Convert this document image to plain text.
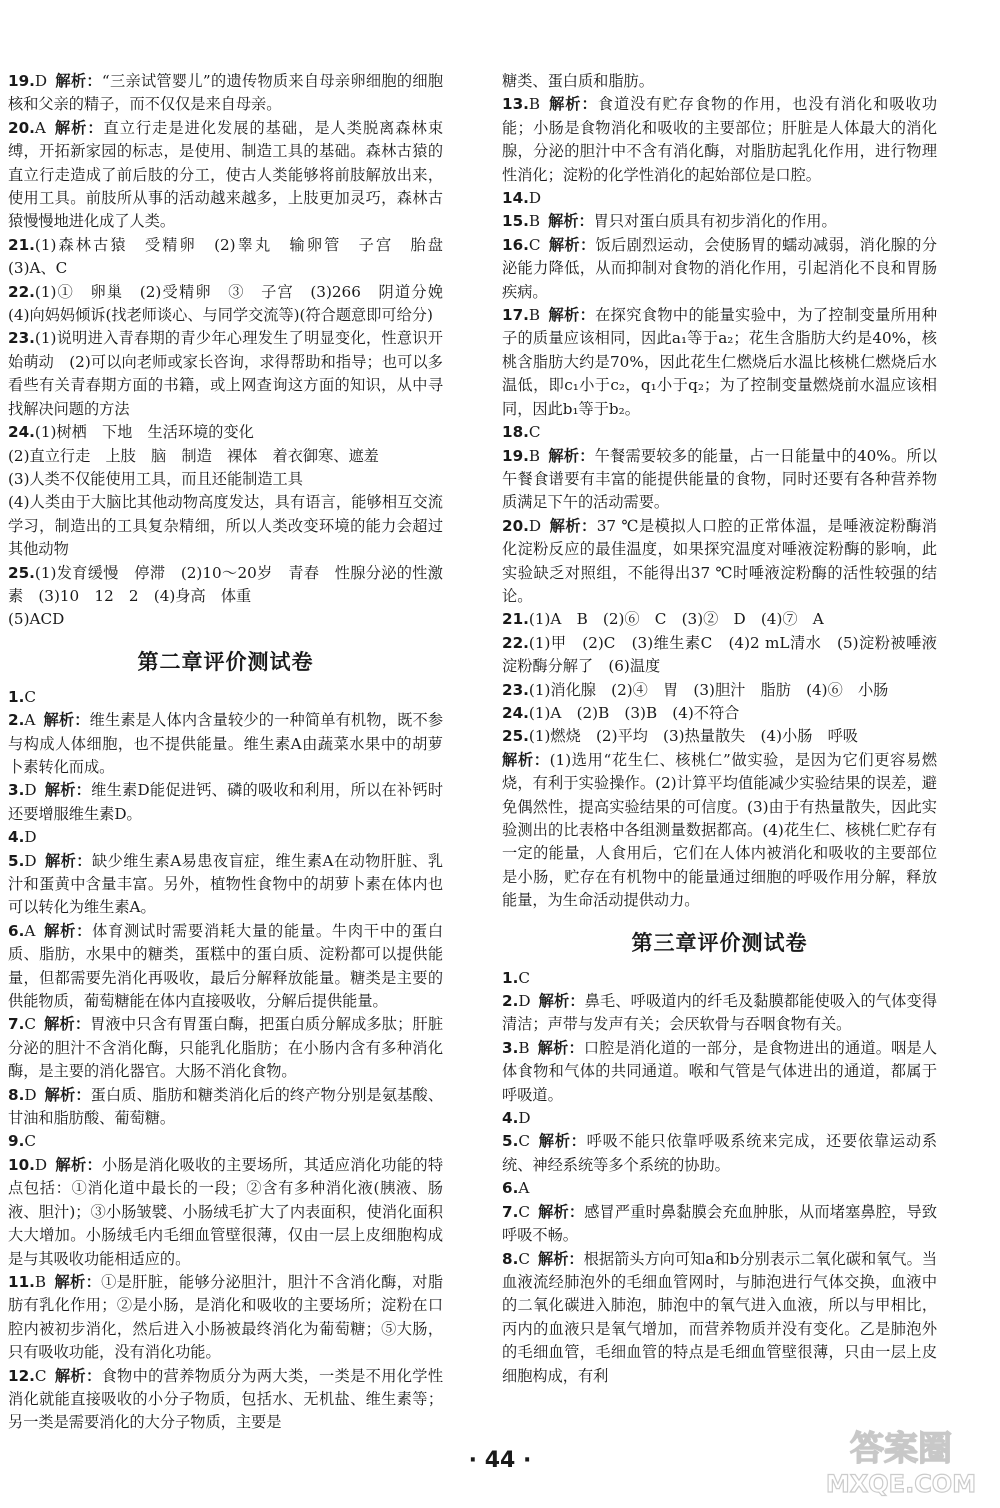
19.D 解析：“三亲试管婴儿”的遗传物质来自母亲卵细胞的细胞核和父亲的精子，而不仅仅是来自母亲。

20.A 解析：直立行走是进化发展的基础，是人类脱离森林束缚，开拓新家园的标志，是使用、制造工具的基础。森林古猿的直立行走造成了前后肢的分工，使古人类能够将前肢解放出来，使用工具。前肢所从事的活动越来越多，上肢更加灵巧，森林古猿慢慢地进化成了人类。

21.(1)森林古猿　受精卵　(2)睾丸　输卵管　子宫　胎盘　(3)A、C

22.(1)①　卵巢　(2)受精卵　③　子宫　(3)266　阴道分娩　(4)向妈妈倾诉(找老师谈心、与同学交流等)(符合题意即可给分)

23.(1)说明进入青春期的青少年心理发生了明显变化，性意识开始萌动　(2)可以向老师或家长咨询，求得帮助和指导；也可以多看些有关青春期方面的书籍，或上网查询这方面的知识，从中寻找解决问题的方法

24.(1)树栖　下地　生活环境的变化

(2)直立行走　上肢　脑　制造　裸体　着衣御寒、遮羞

(3)人类不仅能使用工具，而且还能制造工具

(4)人类由于大脑比其他动物高度发达，具有语言，能够相互交流学习，制造出的工具复杂精细，所以人类改变环境的能力会超过其他动物

25.(1)发育缓慢　停滞　(2)10～20岁　青春　性腺分泌的性激素　(3)10　12　2　(4)身高　体重

(5)ACD

第二章评价测试卷

1.C

2.A 解析：维生素是人体内含量较少的一种简单有机物，既不参与构成人体细胞，也不提供能量。维生素A由蔬菜水果中的胡萝卜素转化而成。

3.D 解析：维生素D能促进钙、磷的吸收和利用，所以在补钙时还要增服维生素D。

4.D

5.D 解析：缺少维生素A易患夜盲症，维生素A在动物肝脏、乳汁和蛋黄中含量丰富。另外，植物性食物中的胡萝卜素在体内也可以转化为维生素A。

6.A 解析：体育测试时需要消耗大量的能量。牛肉干中的蛋白质、脂肪，水果中的糖类，蛋糕中的蛋白质、淀粉都可以提供能量，但都需要先消化再吸收，最后分解释放能量。糖类是主要的供能物质，葡萄糖能在体内直接吸收，分解后提供能量。

7.C 解析：胃液中只含有胃蛋白酶，把蛋白质分解成多肽；肝脏分泌的胆汁不含消化酶，只能乳化脂肪；在小肠内含有多种消化酶，是主要的消化器官。大肠不消化食物。

8.D 解析：蛋白质、脂肪和糖类消化后的终产物分别是氨基酸、甘油和脂肪酸、葡萄糖。

9.C

10.D 解析：小肠是消化吸收的主要场所，其适应消化功能的特点包括：①消化道中最长的一段；②含有多种消化液(胰液、肠液、胆汁)；③小肠皱襞、小肠绒毛扩大了内表面积，使消化面积大大增加。小肠绒毛内毛细血管壁很薄，仅由一层上皮细胞构成是与其吸收功能相适应的。

11.B 解析：①是肝脏，能够分泌胆汁，胆汁不含消化酶，对脂肪有乳化作用；②是小肠，是消化和吸收的主要场所；淀粉在口腔内被初步消化，然后进入小肠被最终消化为葡萄糖；⑤大肠，只有吸收功能，没有消化功能。

12.C 解析：食物中的营养物质分为两大类，一类是不用化学性消化就能直接吸收的小分子物质，包括水、无机盐、维生素等；另一类是需要消化的大分子物质，主要是

糖类、蛋白质和脂肪。

13.B 解析：食道没有贮存食物的作用，也没有消化和吸收功能；小肠是食物消化和吸收的主要部位；肝脏是人体最大的消化腺，分泌的胆汁中不含有消化酶，对脂肪起乳化作用，进行物理性消化；淀粉的化学性消化的起始部位是口腔。

14.D

15.B 解析：胃只对蛋白质具有初步消化的作用。

16.C 解析：饭后剧烈运动，会使肠胃的蠕动减弱，消化腺的分泌能力降低，从而抑制对食物的消化作用，引起消化不良和胃肠疾病。

17.B 解析：在探究食物中的能量实验中，为了控制变量所用种子的质量应该相同，因此a₁等于a₂；花生含脂肪大约是40%，核桃含脂肪大约是70%，因此花生仁燃烧后水温比核桃仁燃烧后水温低，即c₁小于c₂，q₁小于q₂；为了控制变量燃烧前水温应该相同，因此b₁等于b₂。

18.C

19.B 解析：午餐需要较多的能量，占一日能量中的40%。所以午餐食谱要有丰富的能提供能量的食物，同时还要有各种营养物质满足下午的活动需要。

20.D 解析：37 ℃是模拟人口腔的正常体温，是唾液淀粉酶消化淀粉反应的最佳温度，如果探究温度对唾液淀粉酶的影响，此实验缺乏对照组，不能得出37 ℃时唾液淀粉酶的活性较强的结论。

21.(1)A　B　(2)⑥　C　(3)②　D　(4)⑦　A

22.(1)甲　(2)C　(3)维生素C　(4)2 mL清水　(5)淀粉被唾液淀粉酶分解了　(6)温度

23.(1)消化腺　(2)④　胃　(3)胆汁　脂肪　(4)⑥　小肠

24.(1)A　(2)B　(3)B　(4)不符合

25.(1)燃烧　(2)平均　(3)热量散失　(4)小肠　呼吸

解析：(1)选用“花生仁、核桃仁”做实验，是因为它们更容易燃烧，有利于实验操作。(2)计算平均值能减少实验结果的误差，避免偶然性，提高实验结果的可信度。(3)由于有热量散失，因此实验测出的比表格中各组测量数据都高。(4)花生仁、核桃仁贮存有一定的能量，人食用后，它们在人体内被消化和吸收的主要部位是小肠，贮存在有机物中的能量通过细胞的呼吸作用分解，释放能量，为生命活动提供动力。

第三章评价测试卷

1.C

2.D 解析：鼻毛、呼吸道内的纤毛及黏膜都能使吸入的气体变得清洁；声带与发声有关；会厌软骨与吞咽食物有关。

3.B 解析：口腔是消化道的一部分，是食物进出的通道。咽是人体食物和气体的共同通道。喉和气管是气体进出的通道，都属于呼吸道。

4.D

5.C 解析：呼吸不能只依靠呼吸系统来完成，还要依靠运动系统、神经系统等多个系统的协助。

6.A

7.C 解析：感冒严重时鼻黏膜会充血肿胀，从而堵塞鼻腔，导致呼吸不畅。

8.C 解析：根据箭头方向可知a和b分别表示二氧化碳和氧气。当血液流经肺泡外的毛细血管网时，与肺泡进行气体交换，血液中的二氧化碳进入肺泡，肺泡中的氧气进入血液，所以与甲相比，丙内的血液只是氧气增加，而营养物质并没有变化。乙是肺泡外的毛细血管，毛细血管的特点是毛细血管壁很薄，只由一层上皮细胞构成，有利

· 44 ·	答案圈
MXQE.COM
